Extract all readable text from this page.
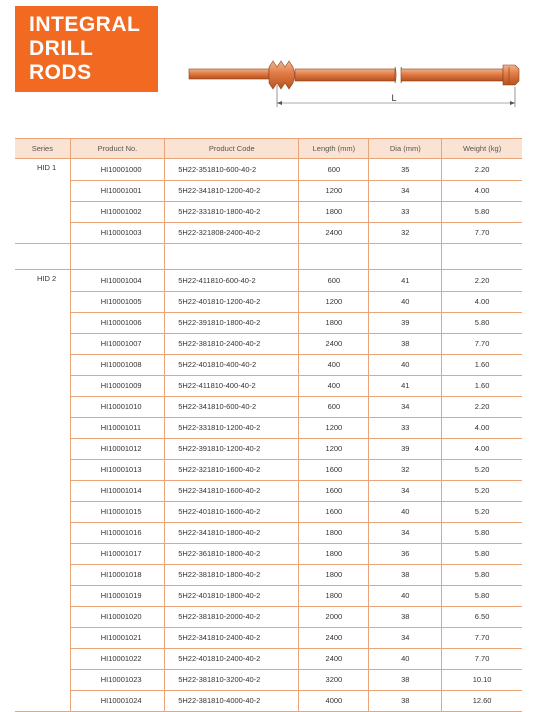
INTEGRAL
DRILL
RODS
L
Series	Product No.	Product Code	Length (mm)	Dia (mm)	Weight (kg)
HID 1	HI10001000	5H22-351810-600-40-2	600	35	2.20
	HI10001001	5H22-341810-1200-40-2	1200	34	4.00
	HI10001002	5H22-331810-1800-40-2	1800	33	5.80
	HI10001003	5H22-321808-2400-40-2	2400	32	7.70

HID 2	HI10001004	5H22-411810-600-40-2	600	41	2.20
	HI10001005	5H22-401810-1200-40-2	1200	40	4.00
	HI10001006	5H22-391810-1800-40-2	1800	39	5.80
	HI10001007	5H22-381810-2400-40-2	2400	38	7.70
	HI10001008	5H22-401810-400-40-2	400	40	1.60
	HI10001009	5H22-411810-400-40-2	400	41	1.60
	HI10001010	5H22-341810-600-40-2	600	34	2.20
	HI10001011	5H22-331810-1200-40-2	1200	33	4.00
	HI10001012	5H22-391810-1200-40-2	1200	39	4.00
	HI10001013	5H22-321810-1600-40-2	1600	32	5.20
	HI10001014	5H22-341810-1600-40-2	1600	34	5.20
	HI10001015	5H22-401810-1600-40-2	1600	40	5.20
	HI10001016	5H22-341810-1800-40-2	1800	34	5.80
	HI10001017	5H22-361810-1800-40-2	1800	36	5.80
	HI10001018	5H22-381810-1800-40-2	1800	38	5.80
	HI10001019	5H22-401810-1800-40-2	1800	40	5.80
	HI10001020	5H22-381810-2000-40-2	2000	38	6.50
	HI10001021	5H22-341810-2400-40-2	2400	34	7.70
	HI10001022	5H22-401810-2400-40-2	2400	40	7.70
	HI10001023	5H22-381810-3200-40-2	3200	38	10.10
	HI10001024	5H22-381810-4000-40-2	4000	38	12.60
